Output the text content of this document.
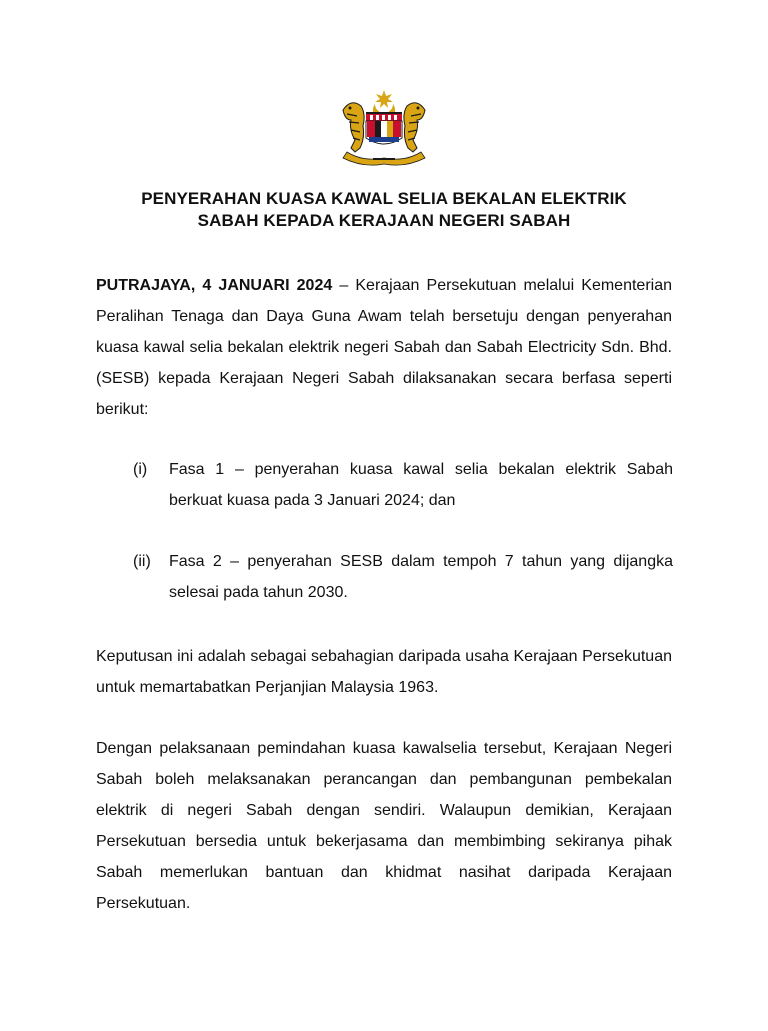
PENYERAHAN KUASA KAWAL SELIA BEKALAN ELEKTRIK
SABAH KEPADA KERAJAAN NEGERI SABAH
PUTRAJAYA, 4 JANUARI 2024 – Kerajaan Persekutuan melalui Kementerian Peralihan Tenaga dan Daya Guna Awam telah bersetuju dengan penyerahan kuasa kawal selia bekalan elektrik negeri Sabah dan Sabah Electricity Sdn. Bhd. (SESB) kepada Kerajaan Negeri Sabah dilaksanakan secara berfasa seperti berikut:
(i)	Fasa 1 – penyerahan kuasa kawal selia bekalan elektrik Sabah berkuat kuasa pada 3 Januari 2024; dan
(ii)	Fasa 2 – penyerahan SESB dalam tempoh 7 tahun yang dijangka selesai pada tahun 2030.
Keputusan ini adalah sebagai sebahagian daripada usaha Kerajaan Persekutuan untuk memartabatkan Perjanjian Malaysia 1963.
Dengan pelaksanaan pemindahan kuasa kawalselia tersebut, Kerajaan Negeri Sabah boleh melaksanakan perancangan dan pembangunan pembekalan elektrik di negeri Sabah dengan sendiri. Walaupun demikian, Kerajaan Persekutuan bersedia untuk bekerjasama dan membimbing sekiranya pihak Sabah memerlukan bantuan dan khidmat nasihat daripada Kerajaan Persekutuan.
